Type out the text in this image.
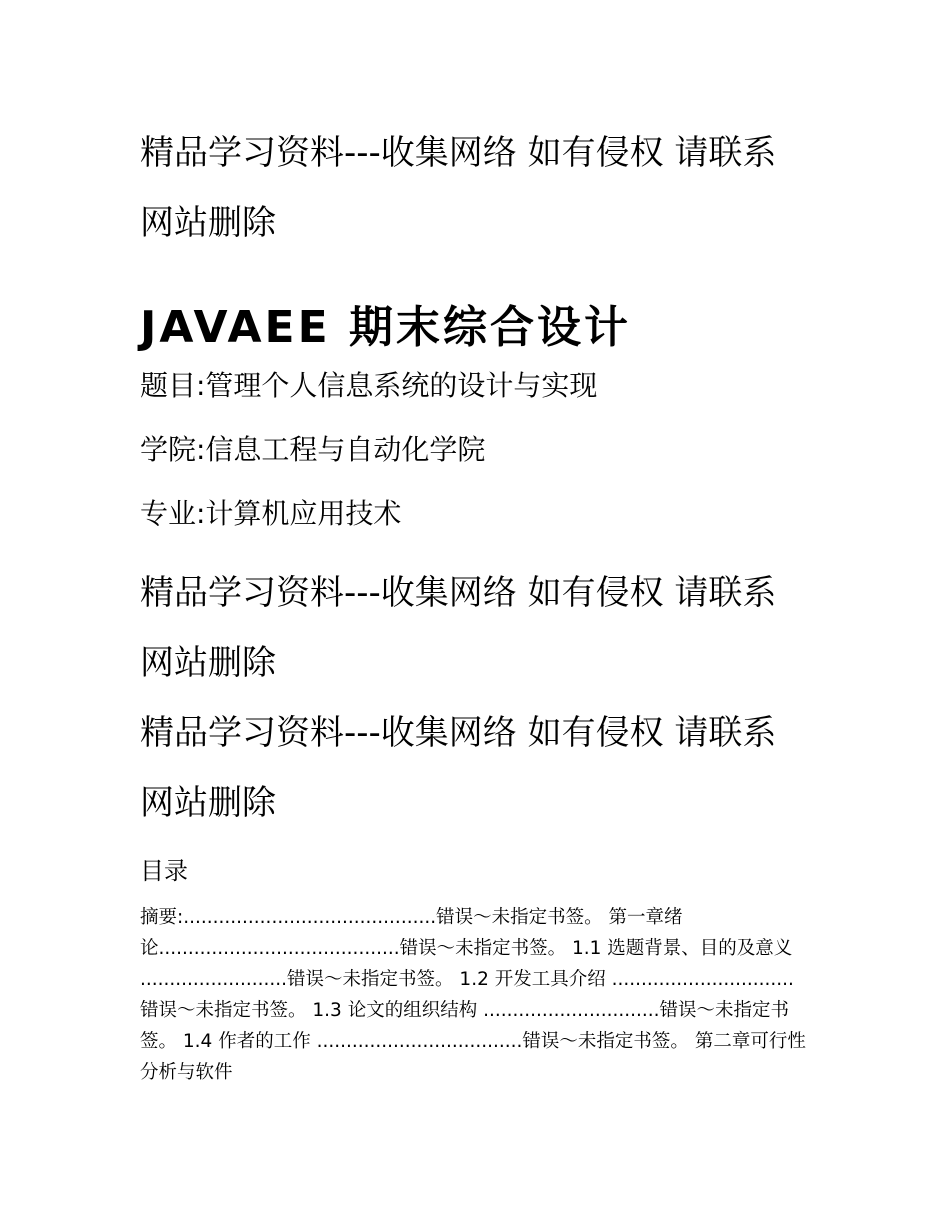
精品学习资料---收集网络 如有侵权 请联系网站删除

JAVAEE 期末综合设计

题目:管理个人信息系统的设计与实现

学院:信息工程与自动化学院

专业:计算机应用技术

精品学习资料---收集网络 如有侵权 请联系网站删除

精品学习资料---收集网络 如有侵权 请联系网站删除

目录

摘要:...........................................错误～未指定书签。 第一章绪论.........................................错误～未指定书签。 1.1 选题背景、目的及意义 .........................错误～未指定书签。 1.2 开发工具介绍 ...............................错误～未指定书签。 1.3 论文的组织结构 ..............................错误～未指定书签。 1.4 作者的工作 ...................................错误～未指定书签。 第二章可行性分析与软件
